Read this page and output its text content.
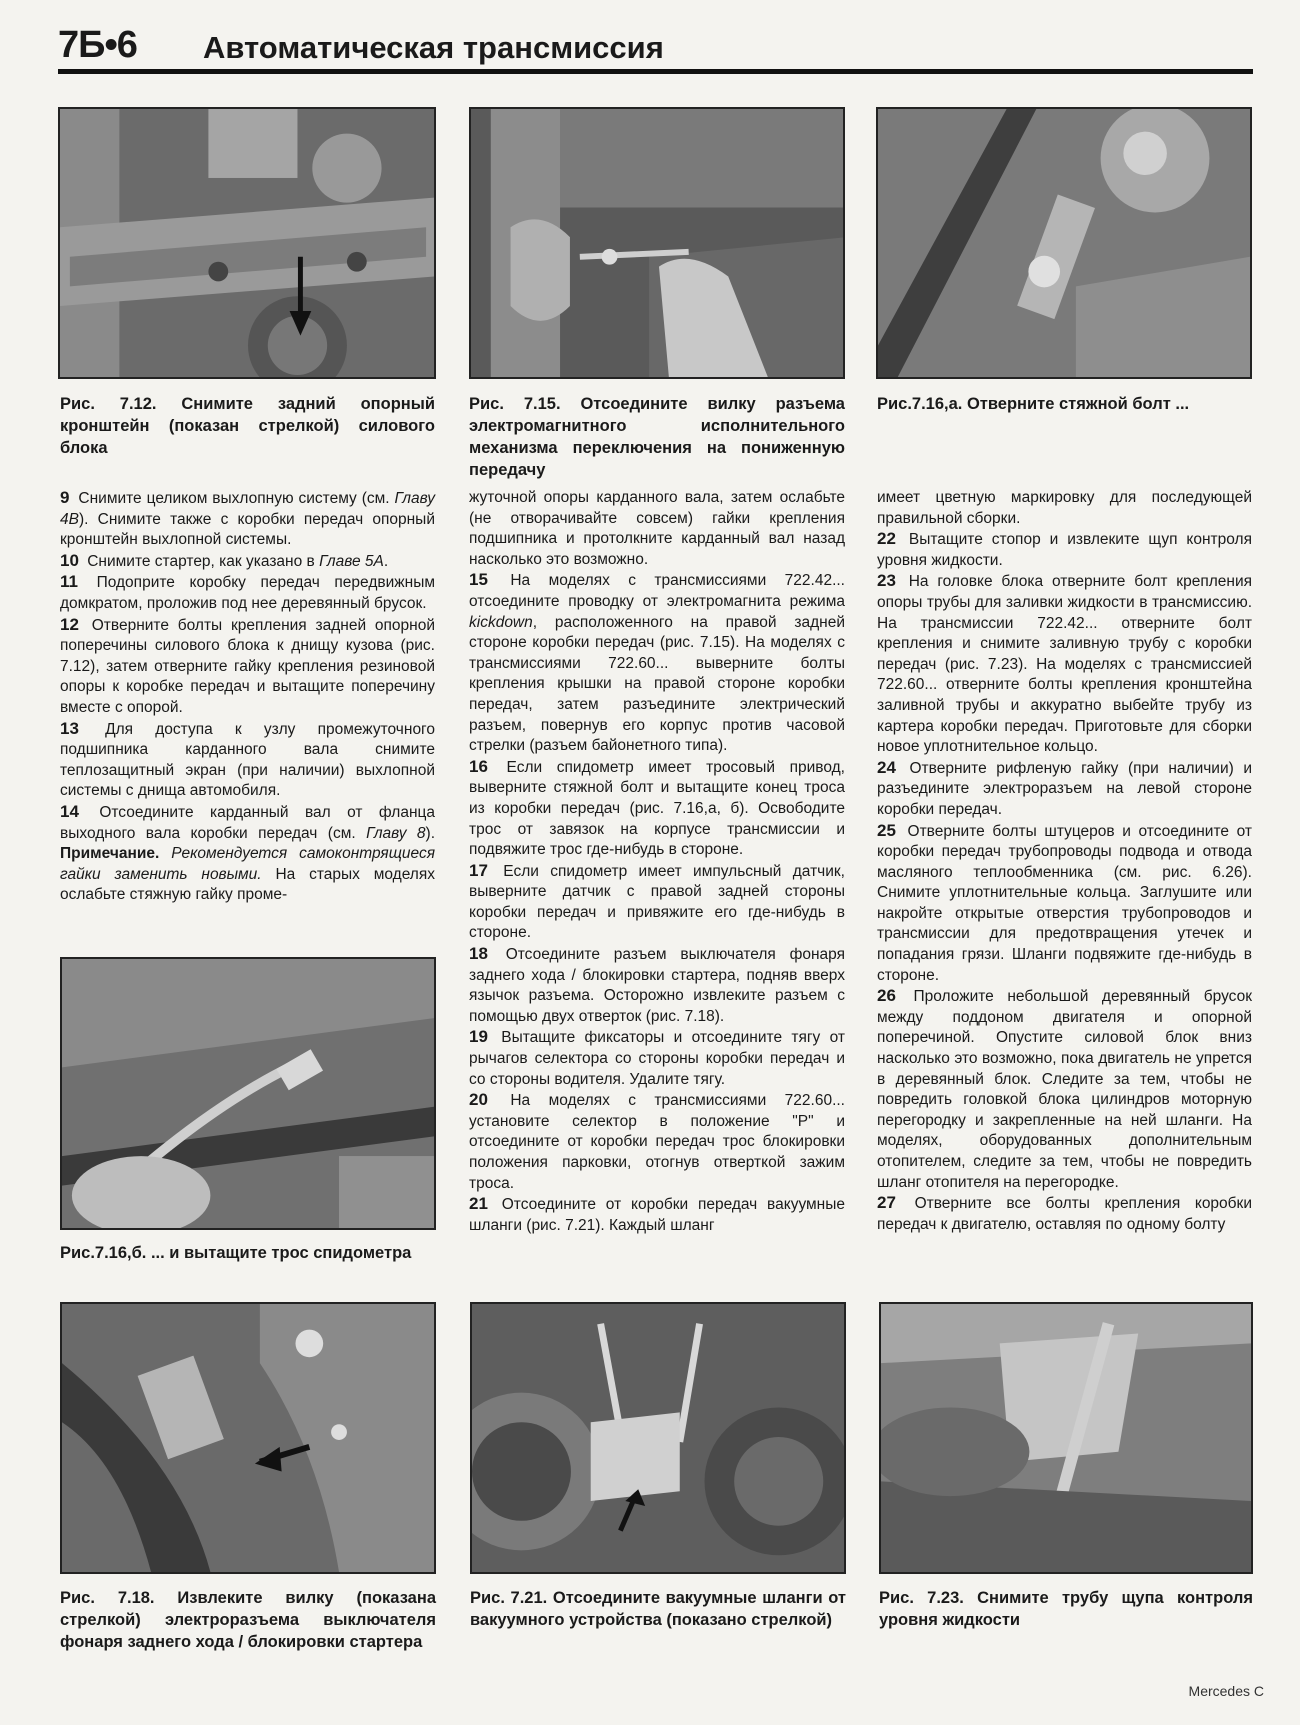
7Б•6 Автоматическая трансмиссия
Рис. 7.12. Снимите задний опорный кронштейн (показан стрелкой) силового блока
Рис. 7.15. Отсоедините вилку разъема электромагнитного исполнительного механизма переключения на пониженную передачу
Рис.7.16,а. Отверните стяжной болт ...

9 Снимите целиком выхлопную систему (см. Главу 4B). Снимите также с коробки передач опорный кронштейн выхлопной системы.

10 Снимите стартер, как указано в Главе 5A.

11 Подоприте коробку передач передвижным домкратом, проложив под нее деревянный брусок.

12 Отверните болты крепления задней опорной поперечины силового блока к днищу кузова (рис. 7.12), затем отверните гайку крепления резиновой опоры к коробке передач и вытащите поперечину вместе с опорой.

13 Для доступа к узлу промежуточного подшипника карданного вала снимите теплозащитный экран (при наличии) выхлопной системы с днища автомобиля.

14 Отсоедините карданный вал от фланца выходного вала коробки передач (см. Главу 8). Примечание. Рекомендуется самоконтрящиеся гайки заменить новыми. На старых моделях ослабьте стяжную гайку проме-

Рис.7.16,б. ... и вытащите трос спидометра

жуточной опоры карданного вала, затем ослабьте (не отворачивайте совсем) гайки крепления подшипника и протолкните карданный вал назад насколько это возможно.

15 На моделях с трансмиссиями 722.42... отсоедините проводку от электромагнита режима kickdown, расположенного на правой задней стороне коробки передач (рис. 7.15). На моделях с трансмиссиями 722.60... выверните болты крепления крышки на правой стороне коробки передач, затем разъедините электрический разъем, повернув его корпус против часовой стрелки (разъем байонетного типа).

16 Если спидометр имеет тросовый привод, выверните стяжной болт и вытащите конец троса из коробки передач (рис. 7.16,а, б). Освободите трос от завязок на корпусе трансмиссии и подвяжите трос где-нибудь в стороне.

17 Если спидометр имеет импульсный датчик, выверните датчик с правой задней стороны коробки передач и привяжите его где-нибудь в стороне.

18 Отсоедините разъем выключателя фонаря заднего хода / блокировки стартера, подняв вверх язычок разъема. Осторожно извлеките разъем с помощью двух отверток (рис. 7.18).

19 Вытащите фиксаторы и отсоедините тягу от рычагов селектора со стороны коробки передач и со стороны водителя. Удалите тягу.

20 На моделях с трансмиссиями 722.60... установите селектор в положение "P" и отсоедините от коробки передач трос блокировки положения парковки, отогнув отверткой зажим троса.

21 Отсоедините от коробки передач вакуумные шланги (рис. 7.21). Каждый шланг

имеет цветную маркировку для последующей правильной сборки.

22 Вытащите стопор и извлеките щуп контроля уровня жидкости.

23 На головке блока отверните болт крепления опоры трубы для заливки жидкости в трансмиссию. На трансмиссии 722.42... отверните болт крепления и снимите заливную трубу с коробки передач (рис. 7.23). На моделях с трансмиссией 722.60... отверните болты крепления кронштейна заливной трубы и аккуратно выбейте трубу из картера коробки передач. Приготовьте для сборки новое уплотнительное кольцо.

24 Отверните рифленую гайку (при наличии) и разъедините электроразъем на левой стороне коробки передач.

25 Отверните болты штуцеров и отсоедините от коробки передач трубопроводы подвода и отвода масляного теплообменника (см. рис. 6.26). Снимите уплотнительные кольца. Заглушите или накройте открытые отверстия трубопроводов и трансмиссии для предотвращения утечек и попадания грязи. Шланги подвяжите где-нибудь в стороне.

26 Проложите небольшой деревянный брусок между поддоном двигателя и опорной поперечиной. Опустите силовой блок вниз насколько это возможно, пока двигатель не упрется в деревянный блок. Следите за тем, чтобы не повредить головкой блока цилиндров моторную перегородку и закрепленные на ней шланги. На моделях, оборудованных дополнительным отопителем, следите за тем, чтобы не повредить шланг отопителя на перегородке.

27 Отверните все болты крепления коробки передач к двигателю, оставляя по одному болту

Рис. 7.18. Извлеките вилку (показана стрелкой) электроразъема выключателя фонаря заднего хода / блокировки стартера
Рис. 7.21. Отсоедините вакуумные шланги от вакуумного устройства (показано стрелкой)
Рис. 7.23. Снимите трубу щупа контроля уровня жидкости
Mercedes C
